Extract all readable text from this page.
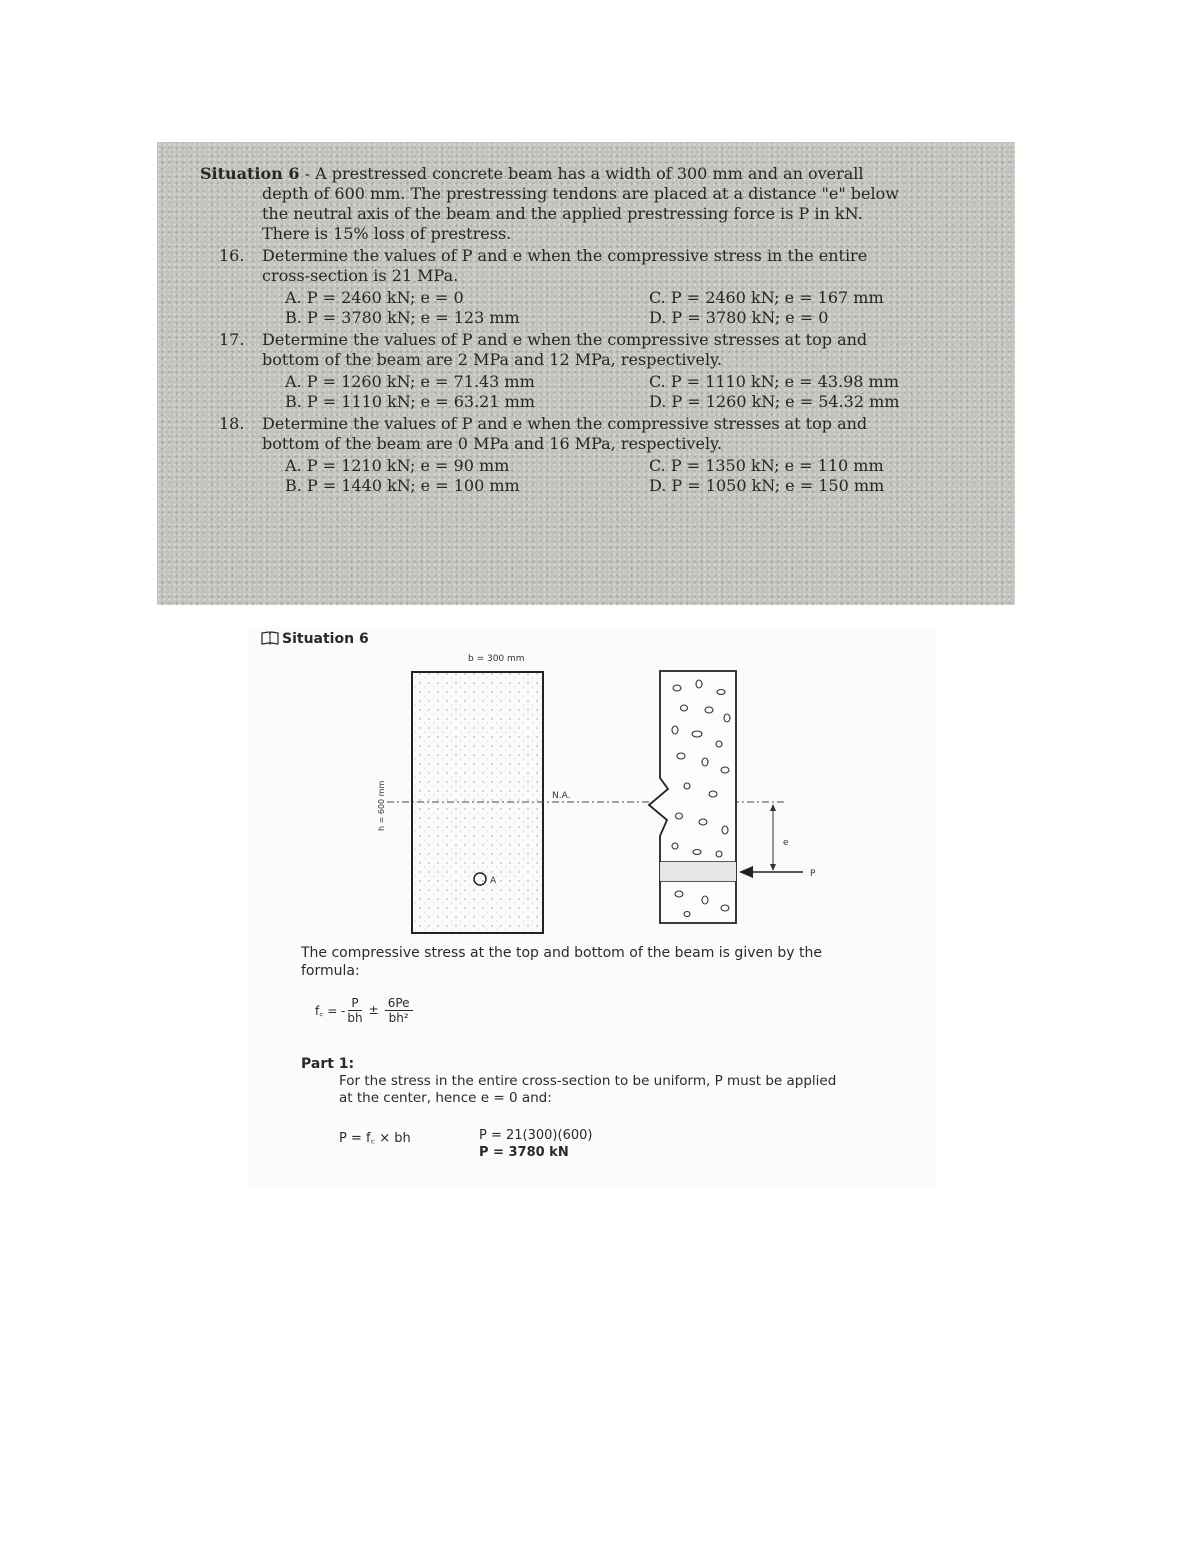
Situation 6 - A prestressed concrete beam has a width of 300 mm and an overall
depth of 600 mm. The prestressing tendons are placed at a distance "e" below
the neutral axis of the beam and the applied prestressing force is P in kN.
There is 15% loss of prestress.
16. Determine the values of P and e when the compressive stress in the entire
cross-section is 21 MPa.
A. P = 2460 kN; e = 0
B. P = 3780 kN; e = 123 mm
C. P = 2460 kN; e = 167 mm
D. P = 3780 kN; e = 0
17. Determine the values of P and e when the compressive stresses at top and
bottom of the beam are 2 MPa and 12 MPa, respectively.
A. P = 1260 kN; e = 71.43 mm
B. P = 1110 kN; e = 63.21 mm
C. P = 1110 kN; e = 43.98 mm
D. P = 1260 kN; e = 54.32 mm
18. Determine the values of P and e when the compressive stresses at top and
bottom of the beam are 0 MPa and 16 MPa, respectively.
A. P = 1210 kN; e = 90 mm
B. P = 1440 kN; e = 100 mm
C. P = 1350 kN; e = 110 mm
D. P = 1050 kN; e = 150 mm
Situation 6
b = 300 mm
h = 600 mm	N.A.
A
e
P
The compressive stress at the top and bottom of the beam is given by the
formula:
f꜀ = -
P
bh
± $\frac{6Pe}{\text{bh²}}$
Part 1:
For the stress in the entire cross-section to be uniform, P must be applied
at the center, hence e = 0 and:
P = f꜀ × bh	P = 21(300)(600)
P = 3780 kN
